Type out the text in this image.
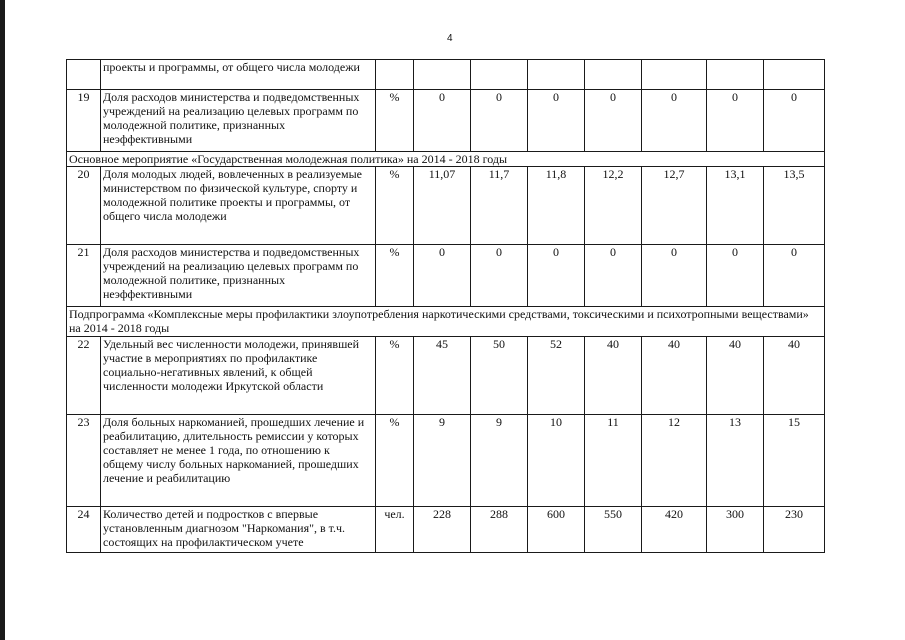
4
	проекты и программы, от общего числа молодежи								
19	Доля расходов министерства и подведомственных учреждений на реализацию целевых программ по молодежной политике, признанных неэффективными	%	0	0	0	0	0	0	0
Основное мероприятие «Государственная молодежная политика» на 2014 - 2018 годы									
20	Доля молодых людей, вовлеченных в реализуемые министерством по физической культуре, спорту и молодежной политике проекты и программы, от общего числа молодежи	%	11,07	11,7	11,8	12,2	12,7	13,1	13,5
21	Доля расходов министерства и подведомственных учреждений на реализацию целевых программ по молодежной политике, признанных неэффективными	%	0	0	0	0	0	0	0
Подпрограмма «Комплексные меры профилактики злоупотребления наркотическими средствами, токсическими и психотропными веществами» на 2014 - 2018 годы									
22	Удельный вес численности молодежи, принявшей участие в мероприятиях по профилактике социально-негативных явлений, к общей численности молодежи Иркутской области	%	45	50	52	40	40	40	40
23	Доля больных наркоманией, прошедших лечение и реабилитацию, длительность ремиссии у которых составляет не менее 1 года, по отношению к общему числу больных наркоманией, прошедших лечение и реабилитацию	%	9	9	10	11	12	13	15
24	Количество детей и подростков с впервые установленным диагнозом "Наркомания", в т.ч. состоящих на профилактическом учете	чел.	228	288	600	550	420	300	230
